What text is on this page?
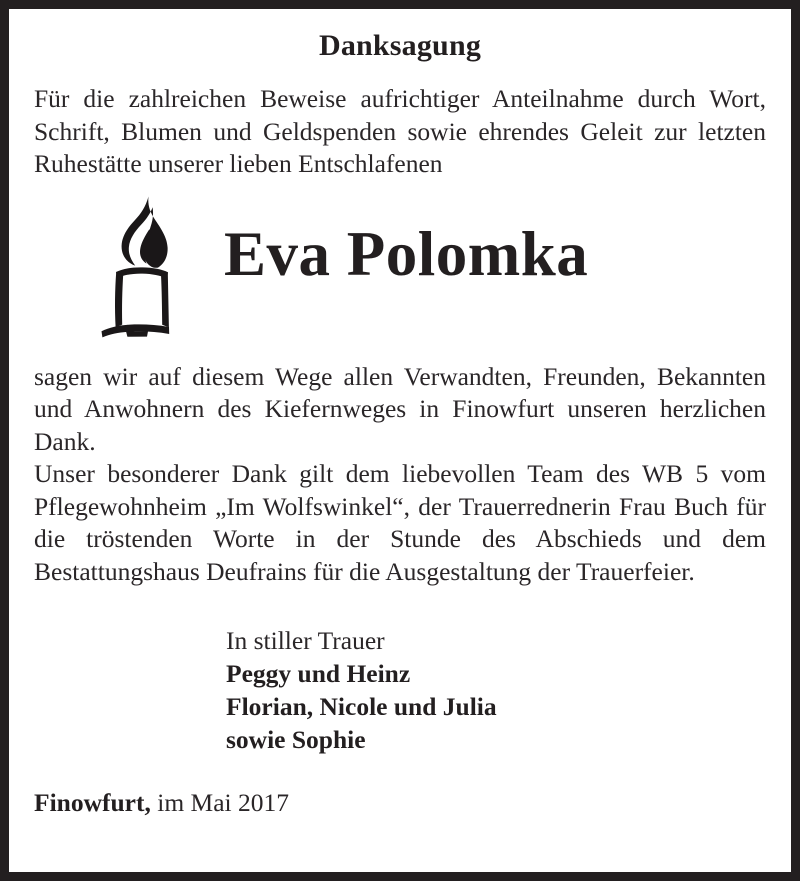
Danksagung

Für die zahlreichen Beweise aufrichtiger Anteilnahme durch Wort, Schrift, Blumen und Geldspenden sowie ehrendes Geleit zur letzten Ruhestätte unserer lieben Entschlafenen

Eva Polomka

sagen wir auf diesem Wege allen Verwandten, Freunden, Bekannten und Anwohnern des Kiefernweges in Finowfurt unseren herzlichen Dank.

Unser besonderer Dank gilt dem liebevollen Team des WB 5 vom Pflegewohnheim „Im Wolfswinkel“, der Trauerrednerin Frau Buch für die tröstenden Worte in der Stunde des Abschieds und dem Bestattungshaus Deufrains für die Ausgestaltung der Trauerfeier.

In stiller Trauer
Peggy und Heinz
Florian, Nicole und Julia
sowie Sophie
Finowfurt, im Mai 2017
